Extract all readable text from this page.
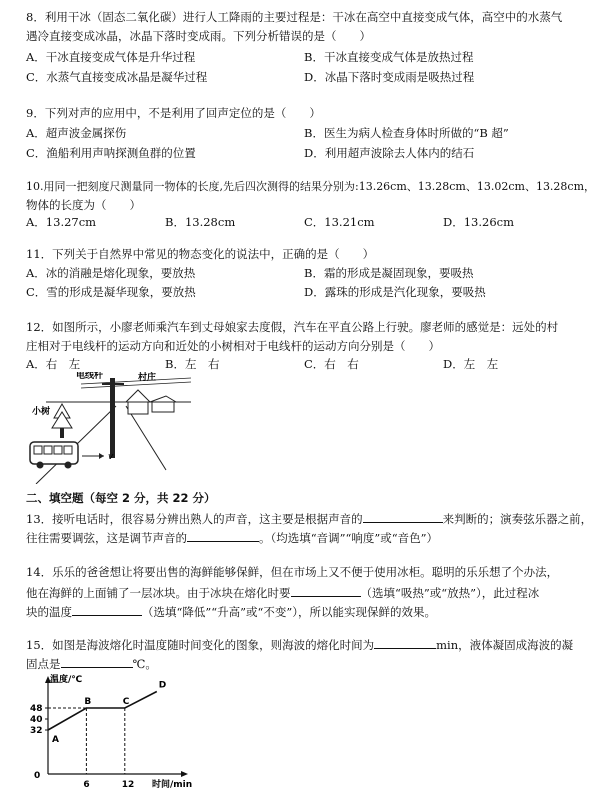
8．利用干冰（固态二氧化碳）进行人工降雨的主要过程是：干冰在高空中直接变成气体，高空中的水蒸气
遇冷直接变成冰晶，冰晶下落时变成雨。下列分析错误的是（　　）
A．干冰直接变成气体是升华过程	B．干冰直接变成气体是放热过程
C．水蒸气直接变成冰晶是凝华过程	D．冰晶下落时变成雨是吸热过程
9．下列对声的应用中，不是利用了回声定位的是（　　）
A．超声波金属探伤	B．医生为病人检查身体时所做的“B 超”
C．渔船利用声呐探测鱼群的位置	D．利用超声波除去人体内的结石
10.用同一把刻度尺测量同一物体的长度,先后四次测得的结果分别为:13.26cm、13.28cm、13.02cm、13.28cm，
物体的长度为（　　）
A．13.27cm	B．13.28cm	C．13.21cm	D．13.26cm
11．下列关于自然界中常见的物态变化的说法中，正确的是（　　）
A．冰的消融是熔化现象，要放热	B．霜的形成是凝固现象，要吸热
C．雪的形成是凝华现象，要放热	D．露珠的形成是汽化现象，要吸热
12．如图所示，小廖老师乘汽车到丈母娘家去度假，汽车在平直公路上行驶。廖老师的感觉是：远处的村
庄相对于电线杆的运动方向和近处的小树相对于电线杆的运动方向分别是（　　）
A．右　左	B．左　右	C．右　右	D．左　左
电线杆	村庄
小树
v
二、填空题（每空 2 分，共 22 分）
13．接听电话时，很容易分辨出熟人的声音，这主要是根据声音的	来判断的；演奏弦乐器之前，
往往需要调弦，这是调节声音的	。（均选填“音调”“响度”或“音色”）
14．乐乐的爸爸想让将要出售的海鲜能够保鲜，但在市场上又不便于使用冰柜。聪明的乐乐想了个办法，
他在海鲜的上面铺了一层冰块。由于冰块在熔化时要	（选填“吸热”或“放热”），此过程冰
块的温度	（选填“降低”“升高”或“不变”），所以能实现保鲜的效果。
15．如图是海波熔化时温度随时间变化的图象，则海波的熔化时间为	min，液体凝固成海波的凝
固点是	℃。
温度/℃
时间/min
0
32
40
48
6	12
A
B	C
D
